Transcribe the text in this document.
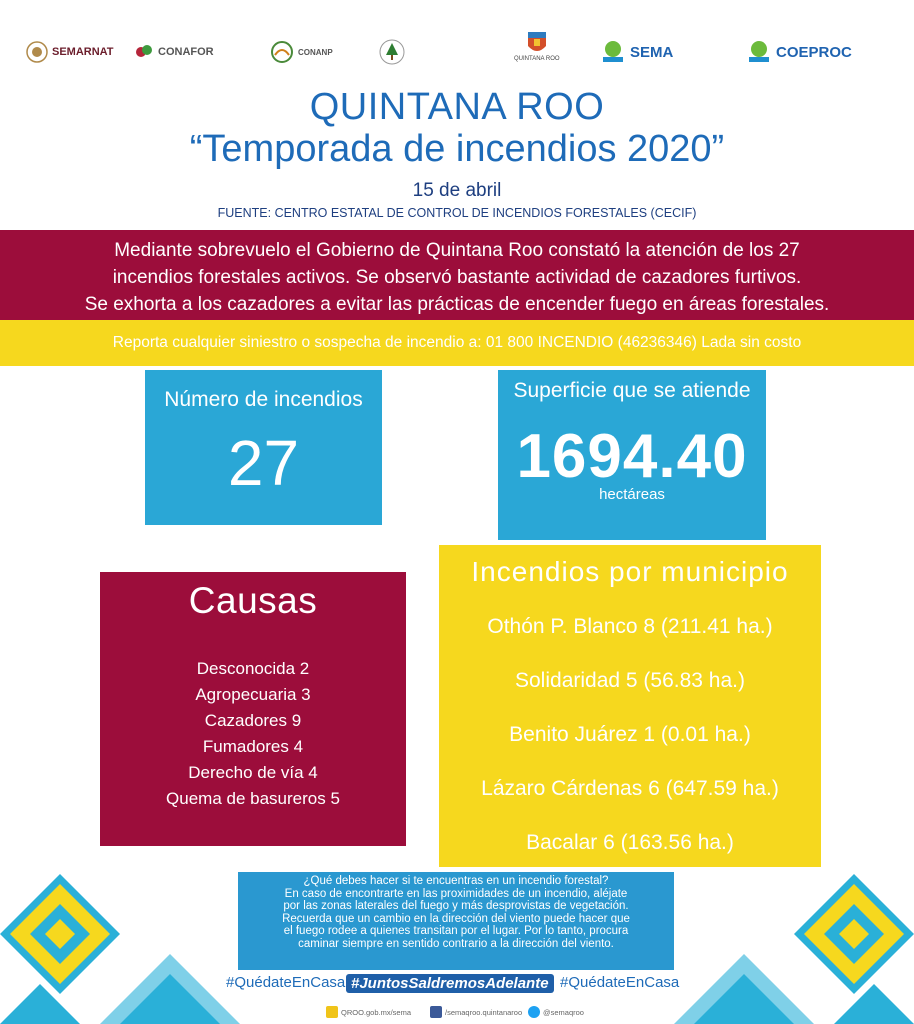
SEMARNAT	CONAFOR	CONANP
QUINTANA ROO	SEMA	COEPROC
QUINTANA ROO
“Temporada de incendios 2020”
15 de abril
FUENTE: CENTRO ESTATAL DE CONTROL DE INCENDIOS FORESTALES (CECIF)

Mediante sobrevuelo el Gobierno de Quintana Roo constató la atención de los 27
incendios forestales activos. Se observó bastante actividad de cazadores furtivos.
Se exhorta a los cazadores a evitar las prácticas de encender fuego en áreas forestales.

Reporta cualquier siniestro o sospecha de incendio a: 01 800 INCENDIO (46236346) Lada sin costo
Número de incendios
27
Superficie que se atiende
1694.40
hectáreas
Causas
Desconocida 2
Agropecuaria 3
Cazadores 9
Fumadores 4
Derecho de vía 4
Quema de basureros 5
Incendios por municipio
Othón P. Blanco 8 (211.41 ha.)
Solidaridad 5 (56.83 ha.)
Benito Juárez 1 (0.01 ha.)
Lázaro Cárdenas 6 (647.59 ha.)
Bacalar 6 (163.56 ha.)
¿Qué debes hacer si te encuentras en un incendio forestal?
En caso de encontrarte en las proximidades de un incendio, aléjate
por las zonas laterales del fuego y más desprovistas de vegetación.
Recuerda que un cambio en la dirección del viento puede hacer que
el fuego rodee a quienes transitan por el lugar. Por lo tanto, procura
caminar siempre en sentido contrario a la dirección del viento.
#QuédateEnCasa #JuntosSaldremosAdelante #QuédateEnCasa
QROO.gob.mx/sema	/semaqroo.quintanaroo	@semaqroo
